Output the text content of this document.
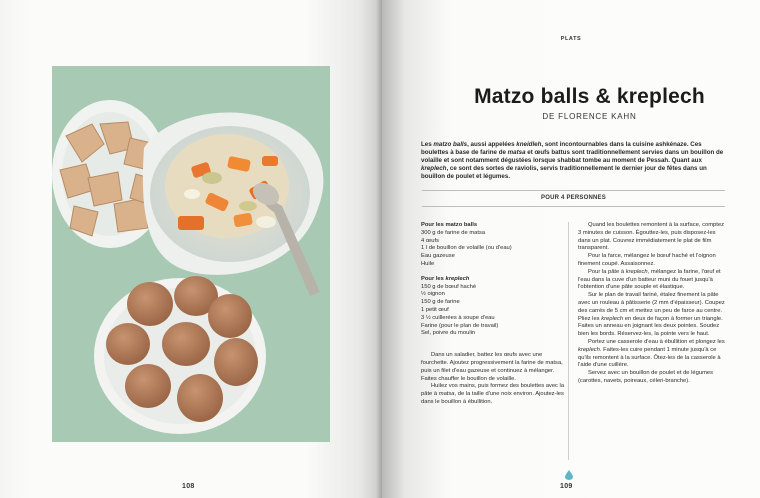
108
PLATS
Matzo balls & kreplech
DE FLORENCE KAHN
Les matzo balls, aussi appelées kneidleh, sont incontournables dans la cuisine ashkénaze. Ces boulettes à base de farine de matsa et œufs battus sont traditionnellement servies dans un bouillon de volaille et sont notamment dégustées lorsque shabbat tombe au moment de Pessah. Quant aux kreplech, ce sont des sortes de raviolis, servis traditionnellement le dernier jour de fêtes dans un bouillon de poulet et légumes.
POUR 4 PERSONNES
Pour les matzo balls
300 g de farine de matsa
4 œufs
1 l de bouillon de volaille (ou d'eau)
Eau gazeuse
Huile
Pour les kreplech
150 g de bœuf haché
½ oignon
150 g de farine
1 petit œuf
3 ½ cuillerées à soupe d'eau
Farine (pour le plan de travail)
Sel, poivre du moulin
Dans un saladier, battez les œufs avec une fourchette. Ajoutez progressivement la farine de matsa, puis un filet d'eau gazeuse et continuez à mélanger. Faites chauffer le bouillon de volaille.
Huilez vos mains, puis formez des boulettes avec la pâte à matsa, de la taille d'une noix environ. Ajoutez-les dans le bouillon à ébullition.
Quand les boulettes remontent à la surface, comptez 3 minutes de cuisson. Égouttez-les, puis disposez-les dans un plat. Couvrez immédiatement le plat de film transparent.
Pour la farce, mélangez le bœuf haché et l'oignon finement coupé. Assaisonnez.
Pour la pâte à kreplech, mélangez la farine, l'œuf et l'eau dans la cuve d'un batteur muni du fouet jusqu'à l'obtention d'une pâte souple et élastique.
Sur le plan de travail fariné, étalez finement la pâte avec un rouleau à pâtisserie (2 mm d'épaisseur). Coupez des carrés de 5 cm et mettez un peu de farce au centre. Pliez les kreplech en deux de façon à former un triangle. Faites un anneau en joignant les deux pointes. Soudez bien les bords. Réservez-les, la pointe vers le haut.
Portez une casserole d'eau à ébullition et plongez les kreplech. Faites-les cuire pendant 1 minute jusqu'à ce qu'ils remontent à la surface. Ôtez-les de la casserole à l'aide d'une cuillère.
Servez avec un bouillon de poulet et de légumes (carottes, navets, poireaux, céleri-branche).
109
